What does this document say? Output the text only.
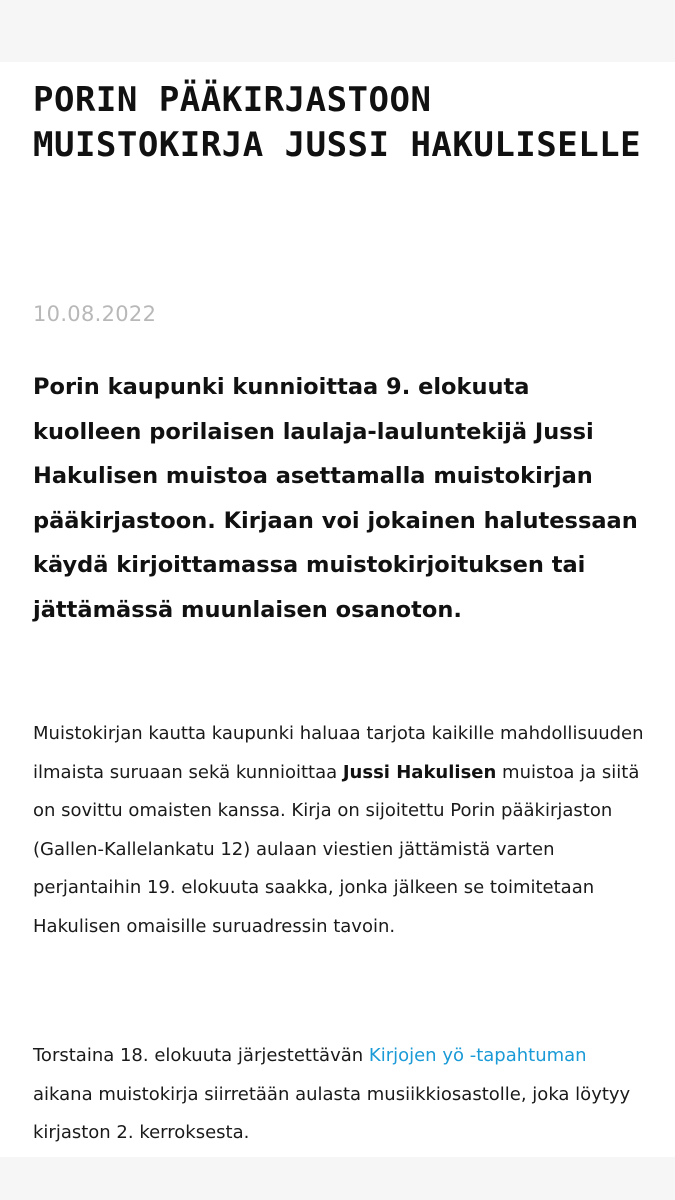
PORIN PÄÄKIRJASTOON MUISTOKIRJA JUSSI HAKULISELLE
10.08.2022

Porin kaupunki kunnioittaa 9. elokuuta kuolleen porilaisen laulaja-lauluntekijä Jussi Hakulisen muistoa asettamalla muistokirjan pääkirjastoon. Kirjaan voi jokainen halutessaan käydä kirjoittamassa muistokirjoituksen tai jättämässä muunlaisen osanoton.

Muistokirjan kautta kaupunki haluaa tarjota kaikille mahdollisuuden ilmaista suruaan sekä kunnioittaa Jussi Hakulisen muistoa ja siitä on sovittu omaisten kanssa. Kirja on sijoitettu Porin pääkirjaston (Gallen-Kallelankatu 12) aulaan viestien jättämistä varten perjantaihin 19. elokuuta saakka, jonka jälkeen se toimitetaan Hakulisen omaisille suruadressin tavoin.

Torstaina 18. elokuuta järjestettävän Kirjojen yö -tapahtuman aikana muistokirja siirretään aulasta musiikkiosastolle, joka löytyy kirjaston 2. kerroksesta.
